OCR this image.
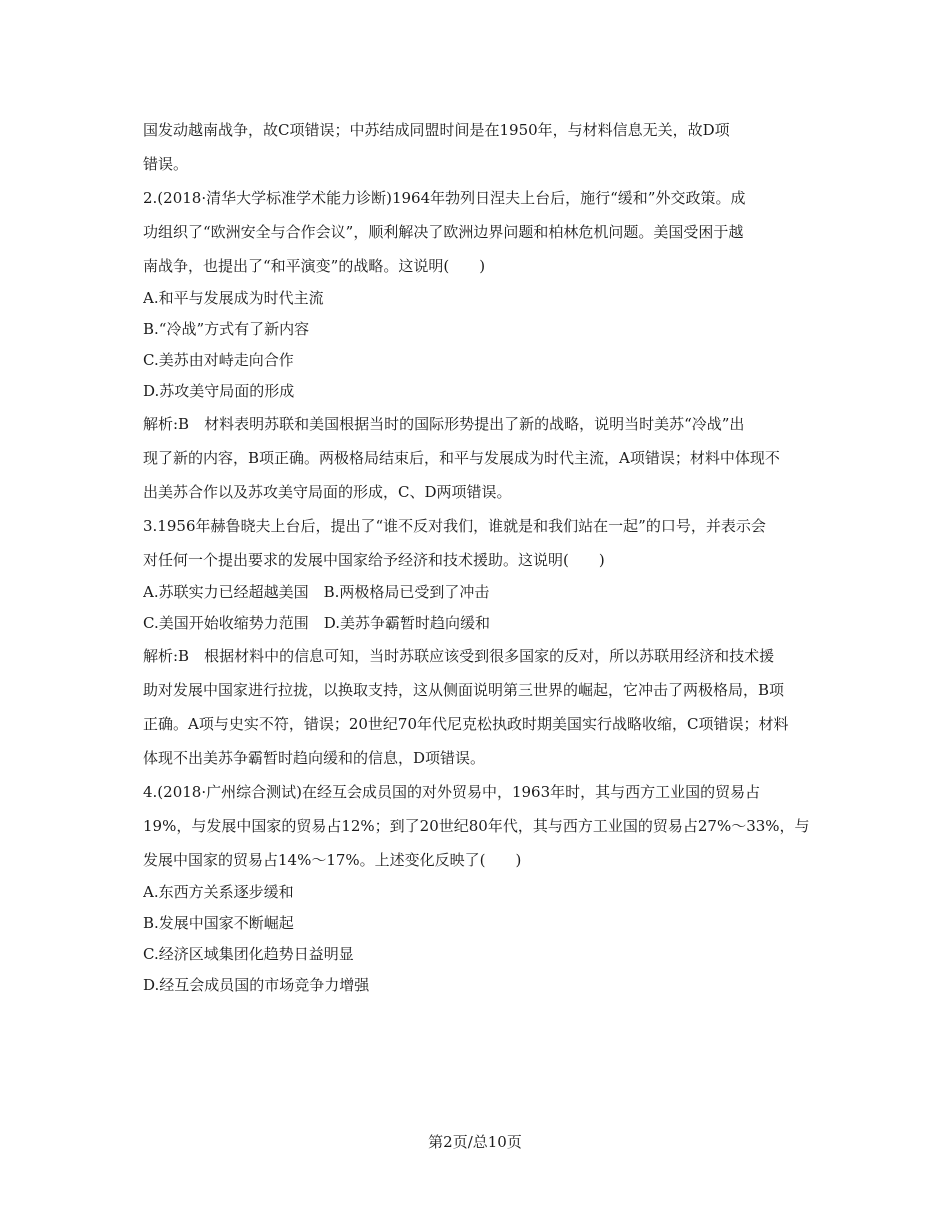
国发动越南战争，故C项错误；中苏结成同盟时间是在1950年，与材料信息无关，故D项
错误。
2.(2018·清华大学标准学术能力诊断)1964年勃列日涅夫上台后，施行“缓和”外交政策。成
功组织了“欧洲安全与合作会议”，顺利解决了欧洲边界问题和柏林危机问题。美国受困于越
南战争，也提出了“和平演变”的战略。这说明(　　)
A.和平与发展成为时代主流
B.“冷战”方式有了新内容
C.美苏由对峙走向合作
D.苏攻美守局面的形成
解析:B　材料表明苏联和美国根据当时的国际形势提出了新的战略，说明当时美苏“冷战”出
现了新的内容，B项正确。两极格局结束后，和平与发展成为时代主流，A项错误；材料中体现不
出美苏合作以及苏攻美守局面的形成，C、D两项错误。
3.1956年赫鲁晓夫上台后，提出了“谁不反对我们，谁就是和我们站在一起”的口号，并表示会
对任何一个提出要求的发展中国家给予经济和技术援助。这说明(　　)
A.苏联实力已经超越美国　B.两极格局已受到了冲击
C.美国开始收缩势力范围　D.美苏争霸暂时趋向缓和
解析:B　根据材料中的信息可知，当时苏联应该受到很多国家的反对，所以苏联用经济和技术援
助对发展中国家进行拉拢，以换取支持，这从侧面说明第三世界的崛起，它冲击了两极格局，B项
正确。A项与史实不符，错误；20世纪70年代尼克松执政时期美国实行战略收缩，C项错误；材料
体现不出美苏争霸暂时趋向缓和的信息，D项错误。
4.(2018·广州综合测试)在经互会成员国的对外贸易中，1963年时，其与西方工业国的贸易占
19%，与发展中国家的贸易占12%；到了20世纪80年代，其与西方工业国的贸易占27%～33%，与
发展中国家的贸易占14%～17%。上述变化反映了(　　)
A.东西方关系逐步缓和
B.发展中国家不断崛起
C.经济区域集团化趋势日益明显
D.经互会成员国的市场竞争力增强
第2页/总10页
